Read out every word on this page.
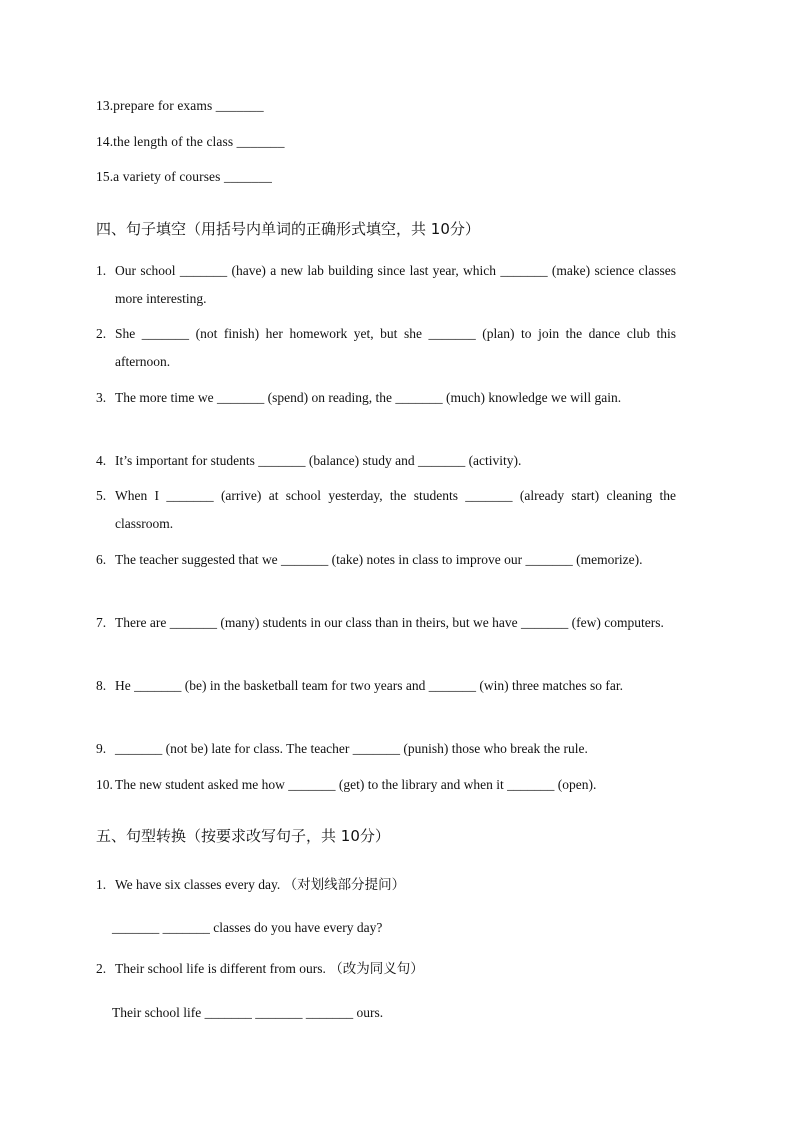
13.prepare for exams _______
14.the length of the class _______
15.a variety of courses _______
四、句子填空（用括号内单词的正确形式填空，共 10分）
1. Our school _______ (have) a new lab building since last year, which _______ (make) science classes more interesting.
2. She _______ (not finish) her homework yet, but she _______ (plan) to join the dance club this afternoon.
3. The more time we _______ (spend) on reading, the _______ (much) knowledge we will gain.
4. It’s important for students _______ (balance) study and _______ (activity).
5. When I _______ (arrive) at school yesterday, the students _______ (already start) cleaning the classroom.
6. The teacher suggested that we _______ (take) notes in class to improve our _______ (memorize).
7. There are _______ (many) students in our class than in theirs, but we have _______ (few) computers.
8. He _______ (be) in the basketball team for two years and _______ (win) three matches so far.
9. _______ (not be) late for class. The teacher _______ (punish) those who break the rule.
10. The new student asked me how _______ (get) to the library and when it _______ (open).
五、句型转换（按要求改写句子，共 10分）
1. We have six classes every day. （对划线部分提问）
_______ _______ classes do you have every day?
2. Their school life is different from ours. （改为同义句）
Their school life _______ _______ _______ ours.
